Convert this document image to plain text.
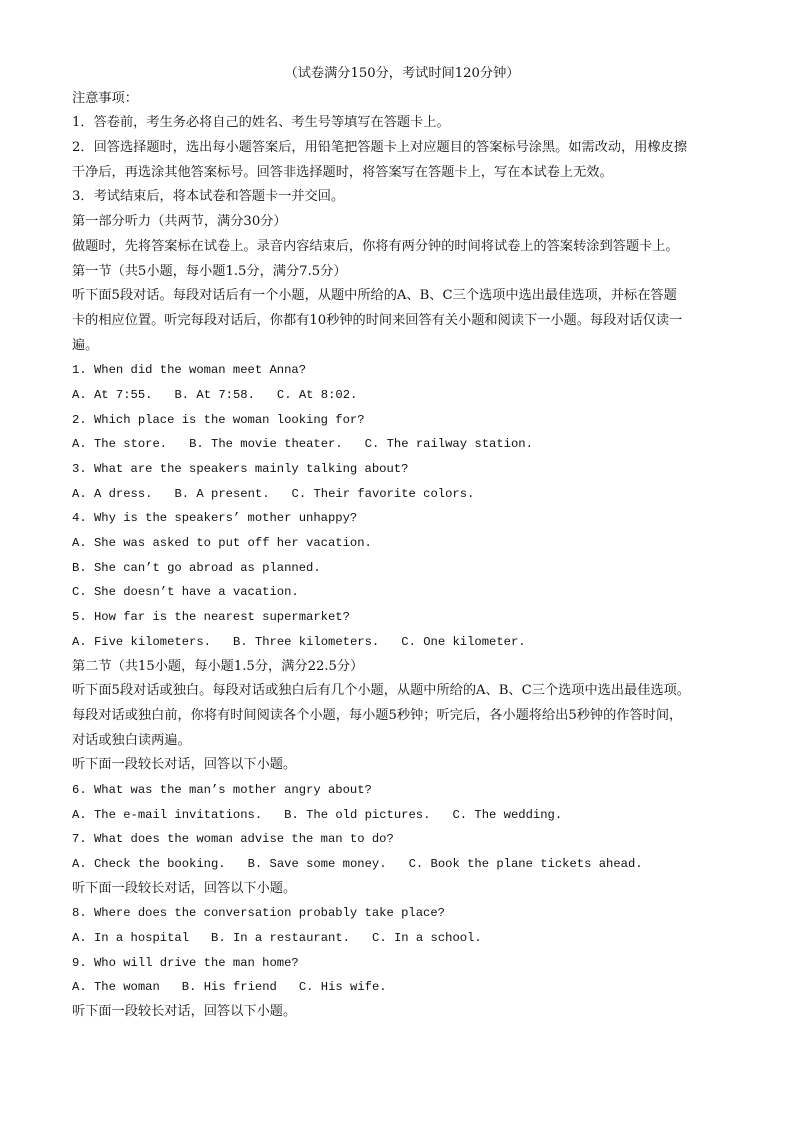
（试卷满分150分，考试时间120分钟）
注意事项：
1．答卷前，考生务必将自己的姓名、考生号等填写在答题卡上。
2．回答选择题时，选出每小题答案后，用铅笔把答题卡上对应题目的答案标号涂黑。如需改动，用橡皮擦
干净后，再选涂其他答案标号。回答非选择题时，将答案写在答题卡上，写在本试卷上无效。
3．考试结束后，将本试卷和答题卡一并交回。
第一部分听力（共两节，满分30分）
做题时，先将答案标在试卷上。录音内容结束后，你将有两分钟的时间将试卷上的答案转涂到答题卡上。
第一节（共5小题，每小题1.5分，满分7.5分）
听下面5段对话。每段对话后有一个小题，从题中所给的A、B、C三个选项中选出最佳选项，并标在答题
卡的相应位置。听完每段对话后，你都有10秒钟的时间来回答有关小题和阅读下一小题。每段对话仅读一
遍。
1. When did the woman meet Anna?
A. At 7:55. B. At 7:58. C. At 8:02.
2. Which place is the woman looking for?
A. The store. B. The movie theater. C. The railway station.
3. What are the speakers mainly talking about?
A. A dress. B. A present. C. Their favorite colors.
4. Why is the speakers’ mother unhappy?
A. She was asked to put off her vacation.
B. She can’t go abroad as planned.
C. She doesn’t have a vacation.
5. How far is the nearest supermarket?
A. Five kilometers. B. Three kilometers. C. One kilometer.
第二节（共15小题，每小题1.5分，满分22.5分）
听下面5段对话或独白。每段对话或独白后有几个小题，从题中所给的A、B、C三个选项中选出最佳选项。
每段对话或独白前，你将有时间阅读各个小题，每小题5秒钟；听完后，各小题将给出5秒钟的作答时间，
对话或独白读两遍。
听下面一段较长对话，回答以下小题。
6. What was the man’s mother angry about?
A. The e-mail invitations. B. The old pictures. C. The wedding.
7. What does the woman advise the man to do?
A. Check the booking. B. Save some money. C. Book the plane tickets ahead.
听下面一段较长对话，回答以下小题。
8. Where does the conversation probably take place?
A. In a hospital B. In a restaurant. C. In a school.
9. Who will drive the man home?
A. The woman B. His friend C. His wife.
听下面一段较长对话，回答以下小题。
